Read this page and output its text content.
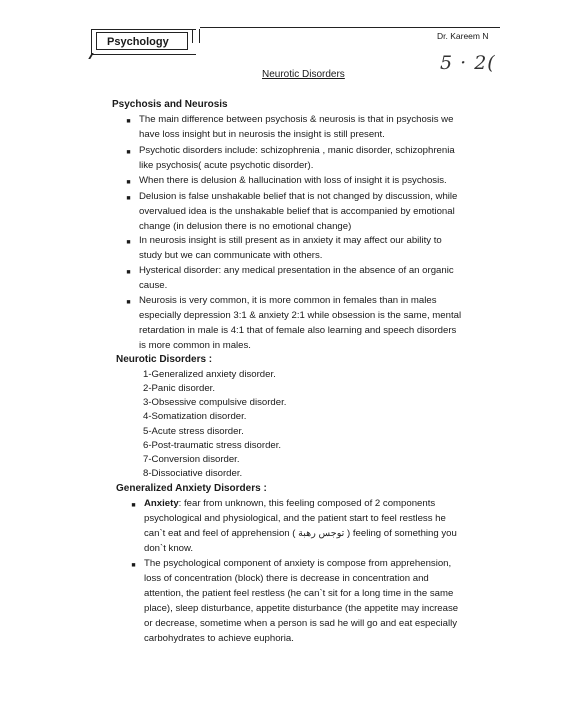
Psychology	Dr. Kareem N
5 · 2(
Neurotic Disorders
Psychosis and Neurosis
■ The main difference between psychosis & neurosis is that in psychosis we
have loss insight but in neurosis the insight is still present.
■ Psychotic disorders include: schizophrenia , manic disorder, schizophrenia
like psychosis( acute psychotic disorder).
■ When there is delusion & hallucination with loss of insight it is psychosis.
■ Delusion is false unshakable belief that is not changed by discussion, while
overvalued idea is the unshakable belief that is accompanied by emotional
change (in delusion there is no emotional change)
■ In neurosis insight is still present as in anxiety it may affect our ability to
study but we can communicate with others.
■ Hysterical disorder: any medical presentation in the absence of an organic
cause.
■ Neurosis is very common, it is more common in females than in males
especially depression 3:1 & anxiety 2:1 while obsession is the same, mental
retardation in male is 4:1 that of female also learning and speech disorders
is more common in males.
Neurotic Disorders :
1-Generalized anxiety disorder.
2-Panic disorder.
3-Obsessive compulsive disorder.
4-Somatization disorder.
5-Acute stress disorder.
6-Post-traumatic stress disorder.
7-Conversion disorder.
8-Dissociative disorder.
Generalized Anxiety Disorders :
■ Anxiety: fear from unknown, this feeling composed of 2 components
psychological and physiological, and the patient start to feel restless he
can`t eat and feel of apprehension ( توجس رهبة ) feeling of something you
don`t know.
■ The psychological component of anxiety is compose from apprehension,
loss of concentration (block) there is decrease in concentration and
attention, the patient feel restless (he can`t sit for a long time in the same
place), sleep disturbance, appetite disturbance (the appetite may increase
or decrease, sometime when a person is sad he will go and eat especially
carbohydrates to achieve euphoria.
